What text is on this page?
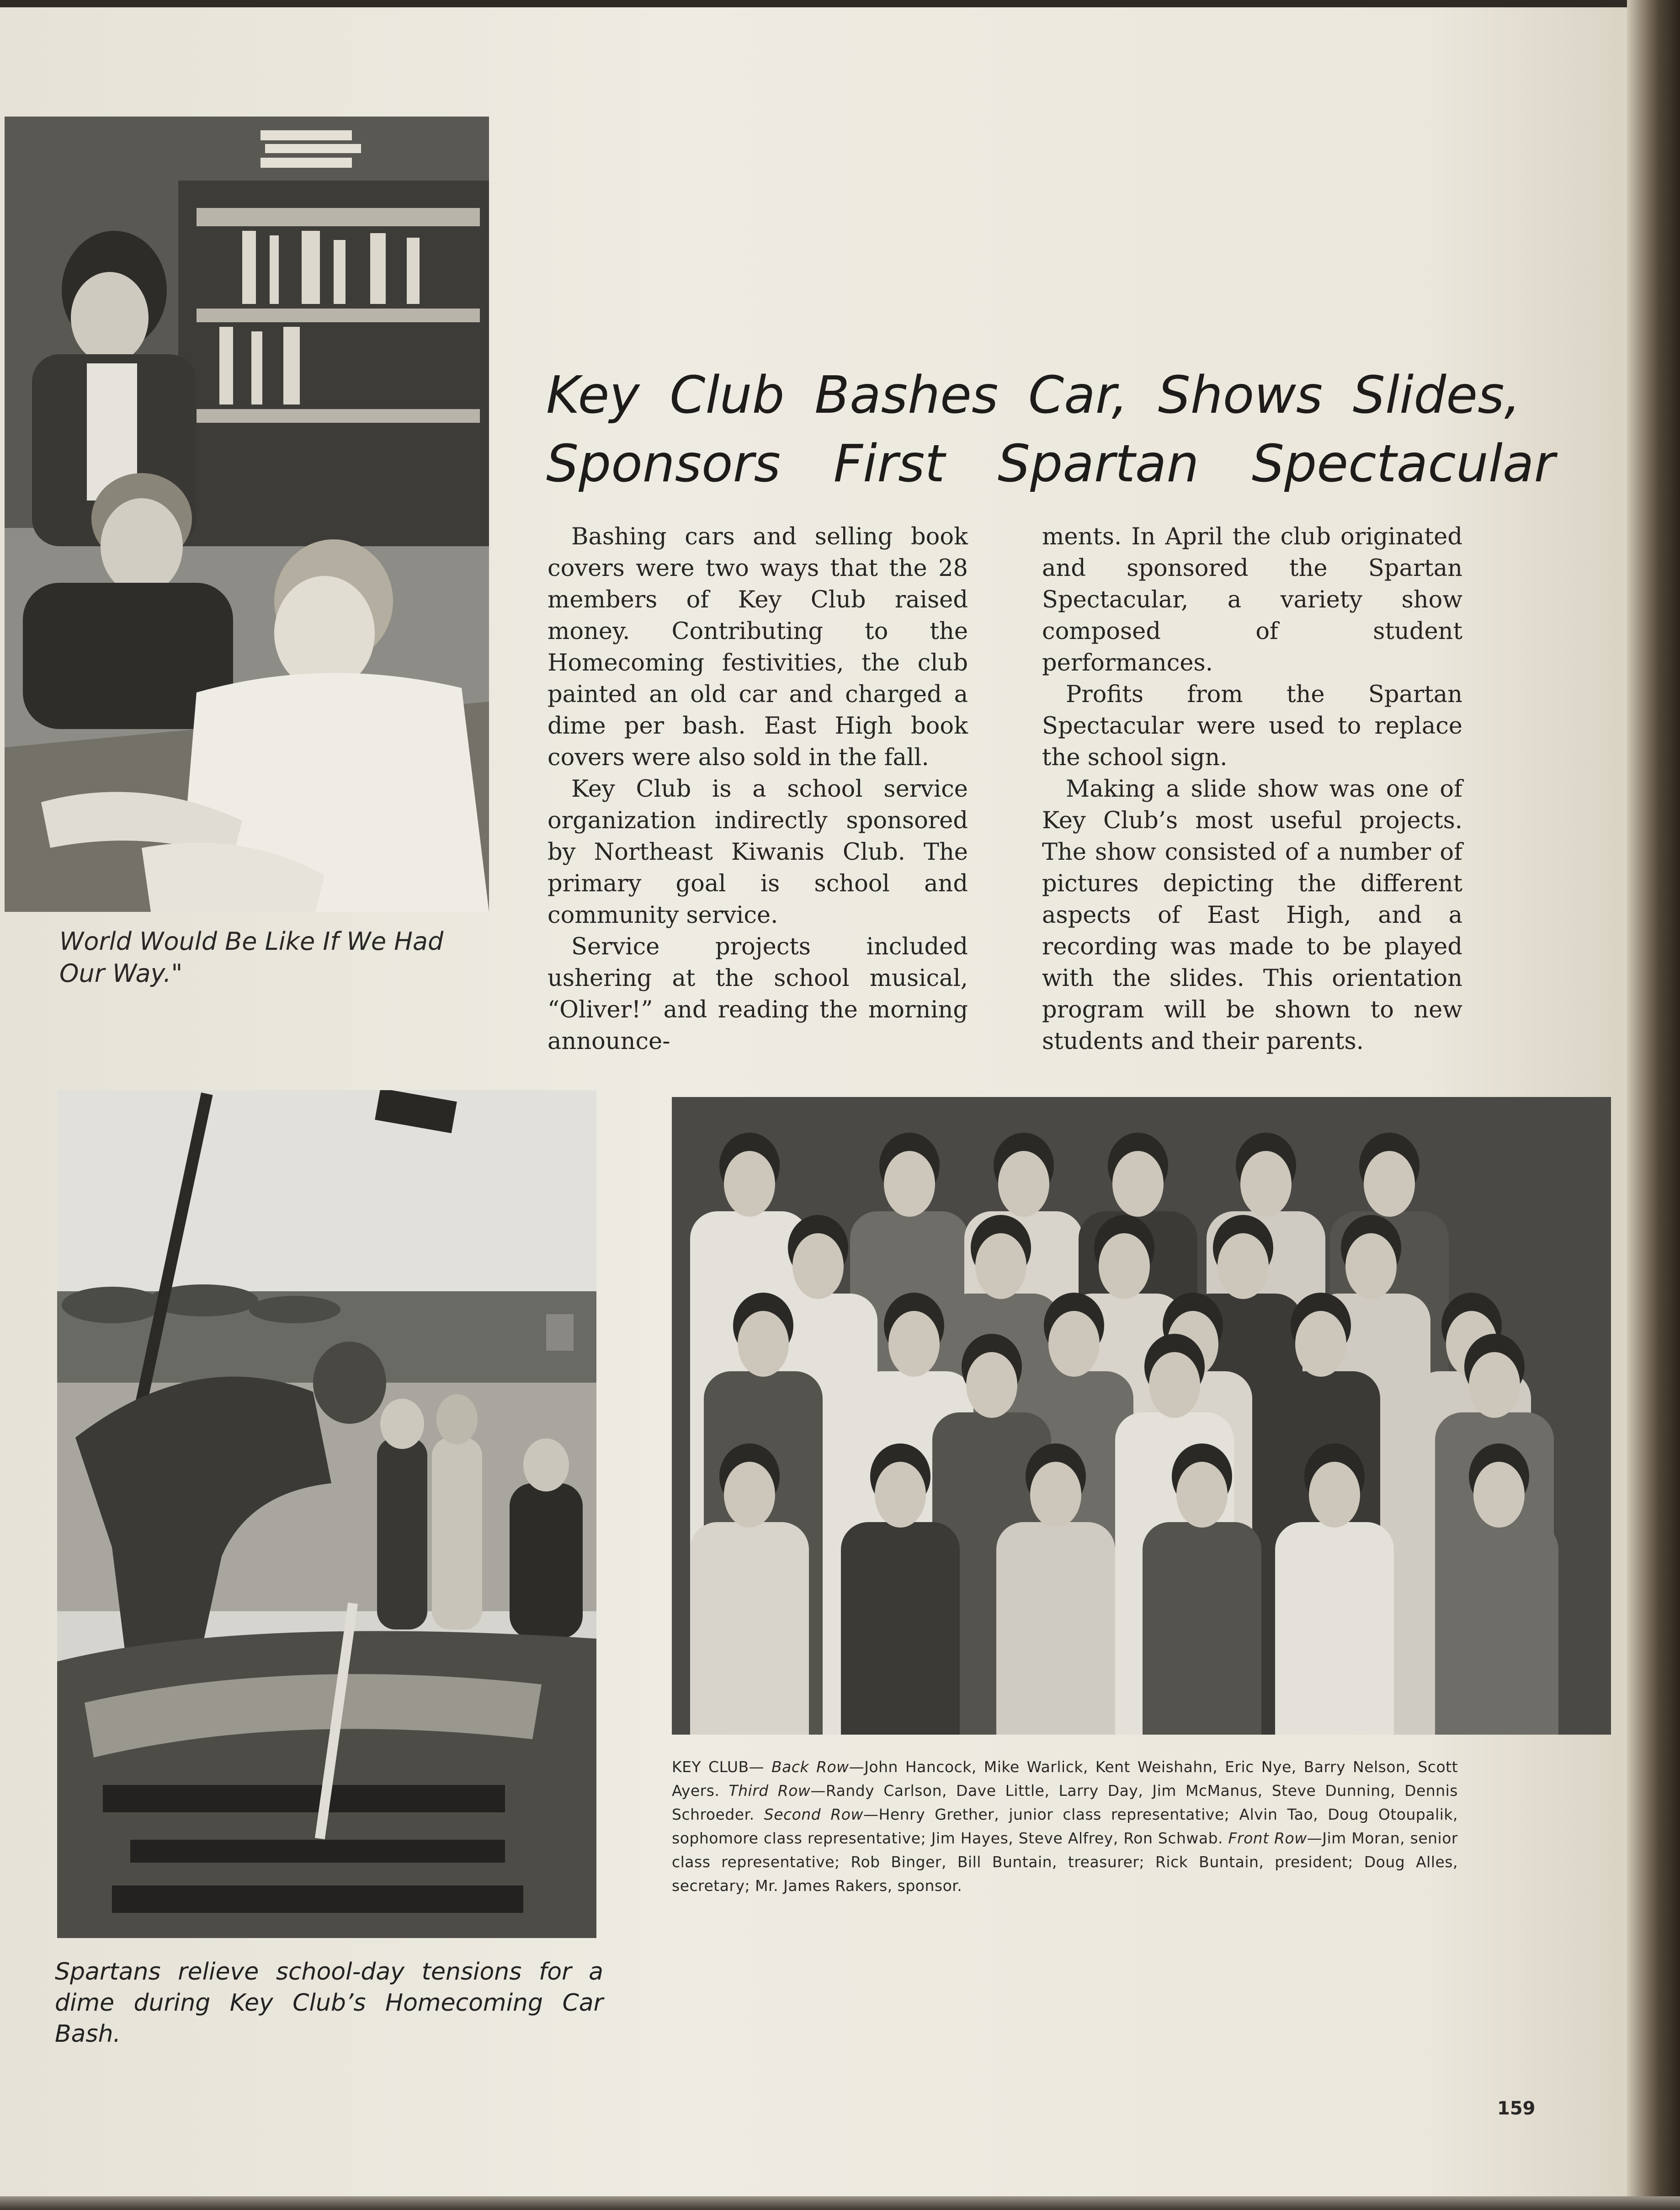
Key Club Bashes Car, Shows Slides,
Sponsors First Spartan Spectacular

Bashing cars and selling book covers were two ways that the 28 members of Key Club raised money. Contributing to the Homecoming festivities, the club painted an old car and charged a dime per bash. East High book covers were also sold in the fall.

Key Club is a school service organization indirectly sponsored by Northeast Kiwanis Club. The primary goal is school and community service.

Service projects included ushering at the school musical, “Oliver!” and reading the morning announce-

ments. In April the club originated and sponsored the Spartan Spectacular, a variety show composed of student performances.

Profits from the Spartan Spectacular were used to replace the school sign.

Making a slide show was one of Key Club’s most useful projects. The show consisted of a number of pictures depicting the different aspects of East High, and a recording was made to be played with the slides. This orientation program will be shown to new students and their parents.

World Would Be Like If We Had Our Way."

Spartans relieve school-day tensions for a dime during Key Club’s Homecoming Car Bash.
KEY CLUB— Back Row—John Hancock, Mike Warlick, Kent Weishahn, Eric Nye, Barry Nelson, Scott Ayers. Third Row—Randy Carlson, Dave Little, Larry Day, Jim McManus, Steve Dunning, Dennis Schroeder. Second Row—Henry Grether, junior class representative; Alvin Tao, Doug Otoupalik, sophomore class representative; Jim Hayes, Steve Alfrey, Ron Schwab. Front Row—Jim Moran, senior class representative; Rob Binger, Bill Buntain, treasurer; Rick Buntain, president; Doug Alles, secretary; Mr. James Rakers, sponsor.
159
